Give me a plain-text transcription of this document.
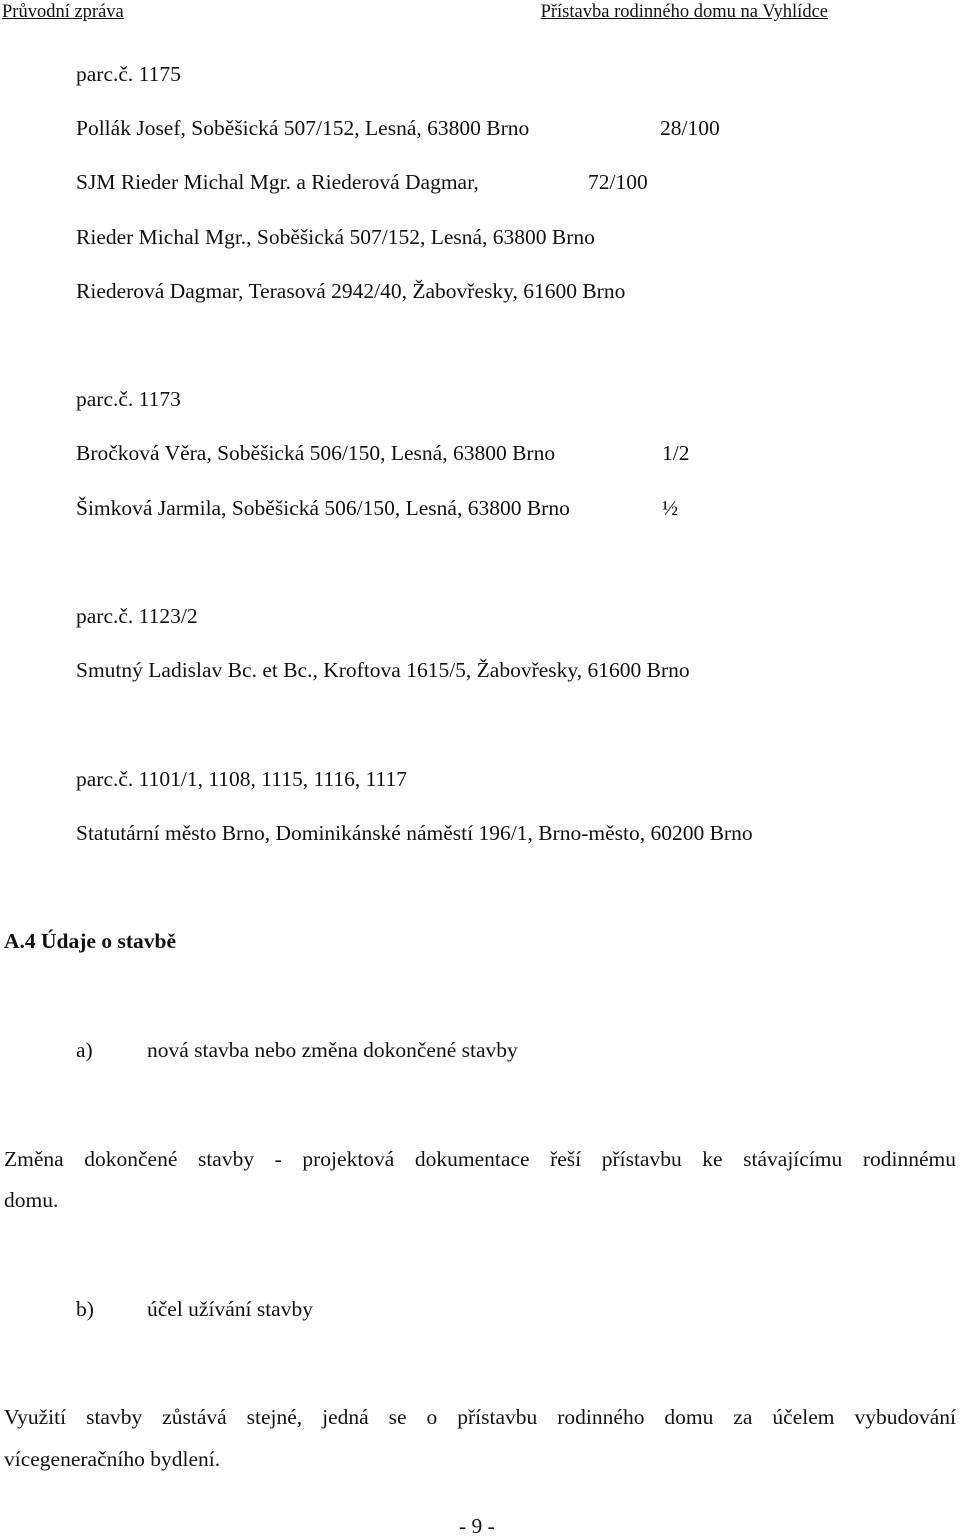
Průvodní zpráva	Přístavba rodinného domu na Vyhlídce
parc.č. 1175
Pollák Josef, Soběšická 507/152, Lesná, 63800 Brno	28/100
SJM Rieder Michal Mgr. a Riederová Dagmar,	72/100
Rieder Michal Mgr., Soběšická 507/152, Lesná, 63800 Brno
Riederová Dagmar, Terasová 2942/40, Žabovřesky, 61600 Brno
parc.č. 1173
Bročková Věra, Soběšická 506/150, Lesná, 63800 Brno	1/2
Šimková Jarmila, Soběšická 506/150, Lesná, 63800 Brno	½
parc.č. 1123/2
Smutný Ladislav Bc. et Bc., Kroftova 1615/5, Žabovřesky, 61600 Brno
parc.č. 1101/1, 1108, 1115, 1116, 1117
Statutární město Brno, Dominikánské náměstí 196/1, Brno-město, 60200 Brno
A.4 Údaje o stavbě
a)	nová stavba nebo změna dokončené stavby
Změna dokončené stavby - projektová dokumentace řeší přístavbu ke stávajícímu rodinnému
domu.
b) účel užívání stavby
Využití stavby zůstává stejné, jedná se o přístavbu rodinného domu za účelem vybudování
vícegeneračního bydlení.
- 9 -
